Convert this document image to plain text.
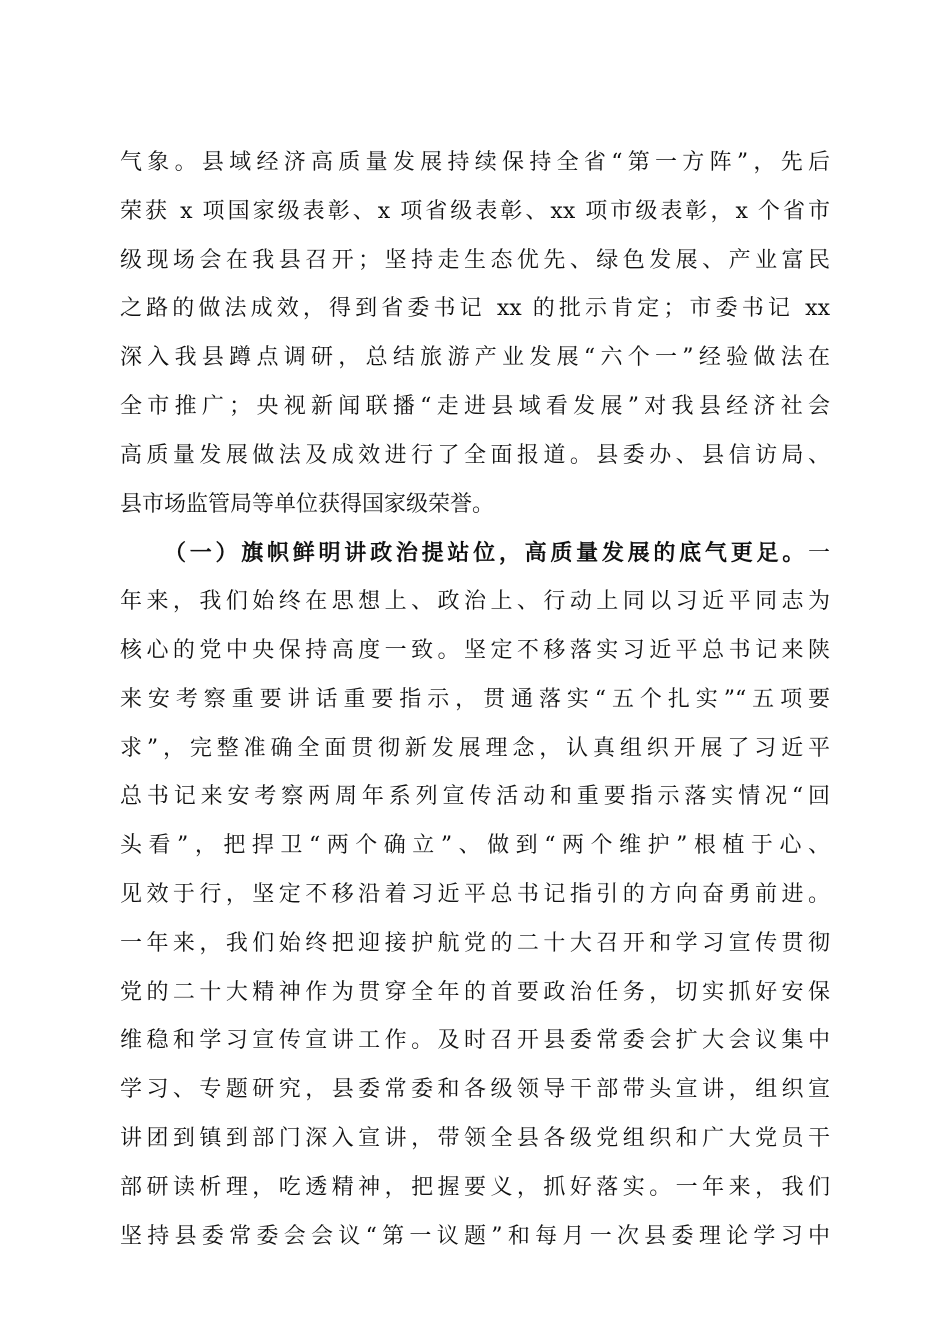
气象。县域经济高质量发展持续保持全省“第一方阵”，先后
荣获 x 项国家级表彰、x 项省级表彰、xx 项市级表彰，x 个省市
级现场会在我县召开；坚持走生态优先、绿色发展、产业富民
之路的做法成效，得到省委书记 xx 的批示肯定；市委书记 xx
深入我县蹲点调研，总结旅游产业发展“六个一”经验做法在
全市推广；央视新闻联播“走进县域看发展”对我县经济社会
高质量发展做法及成效进行了全面报道。县委办、县信访局、
县市场监管局等单位获得国家级荣誉。
（一）旗帜鲜明讲政治提站位，高质量发展的底气更足。一
年来，我们始终在思想上、政治上、行动上同以习近平同志为
核心的党中央保持高度一致。坚定不移落实习近平总书记来陕
来安考察重要讲话重要指示，贯通落实“五个扎实”“五项要
求”，完整准确全面贯彻新发展理念，认真组织开展了习近平
总书记来安考察两周年系列宣传活动和重要指示落实情况“回
头看”，把捍卫“两个确立”、做到“两个维护”根植于心、
见效于行，坚定不移沿着习近平总书记指引的方向奋勇前进。
一年来，我们始终把迎接护航党的二十大召开和学习宣传贯彻
党的二十大精神作为贯穿全年的首要政治任务，切实抓好安保
维稳和学习宣传宣讲工作。及时召开县委常委会扩大会议集中
学习、专题研究，县委常委和各级领导干部带头宣讲，组织宣
讲团到镇到部门深入宣讲，带领全县各级党组织和广大党员干
部研读析理，吃透精神，把握要义，抓好落实。一年来，我们
坚持县委常委会会议“第一议题”和每月一次县委理论学习中
